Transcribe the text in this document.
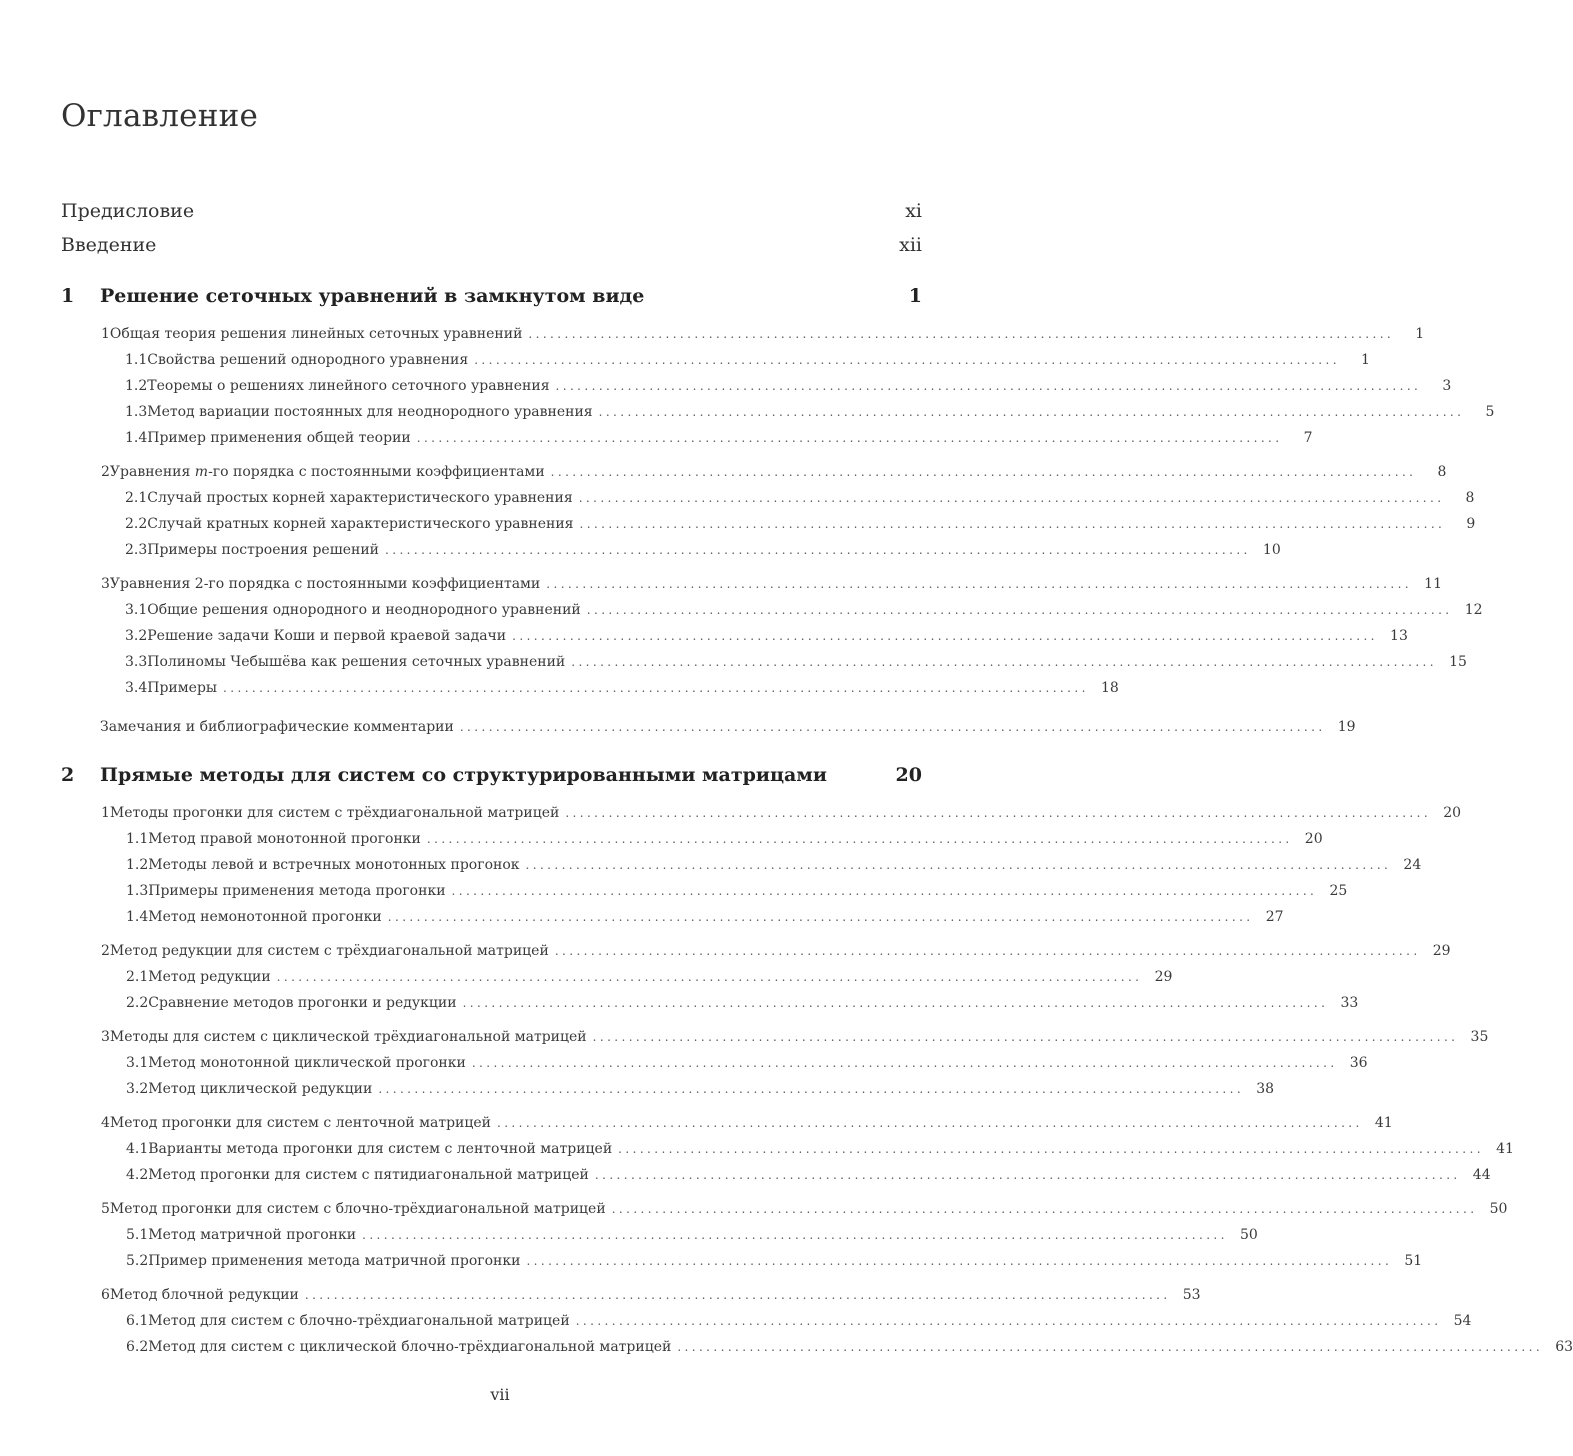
Оглавление
Предисловие	xi
Введение	xii
1	Решение сеточных уравнений в замкнутом виде	1
1 Общая теория решения линейных сеточных уравнений ........................................................................................................................	1
1.1 Свойства решений однородного уравнения ........................................................................................................................	1
1.2 Теоремы о решениях линейного сеточного уравнения ........................................................................................................................	3
1.3 Метод вариации постоянных для неоднородного уравнения ........................................................................................................................	5
1.4 Пример применения общей теории ........................................................................................................................	7
2 Уравнения m-го порядка с постоянными коэффициентами ........................................................................................................................	8
2.1 Случай простых корней характеристического уравнения ........................................................................................................................	8
2.2 Случай кратных корней характеристического уравнения ........................................................................................................................	9
2.3 Примеры построения решений ........................................................................................................................ 10
3 Уравнения 2-го порядка с постоянными коэффициентами ........................................................................................................................ 11
3.1 Общие решения однородного и неоднородного уравнений ........................................................................................................................ 12
3.2 Решение задачи Коши и первой краевой задачи ........................................................................................................................ 13
3.3 Полиномы Чебышёва как решения сеточных уравнений ........................................................................................................................ 15
3.4 Примеры ........................................................................................................................ 18
Замечания и библиографические комментарии ........................................................................................................................ 19
2	Прямые методы для систем со структурированными матрицами	20
1 Методы прогонки для систем с трёхдиагональной матрицей ........................................................................................................................ 20
1.1 Метод правой монотонной прогонки ........................................................................................................................ 20
1.2 Методы левой и встречных монотонных прогонок ........................................................................................................................ 24
1.3 Примеры применения метода прогонки ........................................................................................................................ 25
1.4 Метод немонотонной прогонки ........................................................................................................................ 27
2 Метод редукции для систем с трёхдиагональной матрицей ........................................................................................................................ 29
2.1 Метод редукции ........................................................................................................................ 29
2.2 Сравнение методов прогонки и редукции ........................................................................................................................ 33
3 Методы для систем с циклической трёхдиагональной матрицей ........................................................................................................................ 35
3.1 Метод монотонной циклической прогонки ........................................................................................................................ 36
3.2 Метод циклической редукции ........................................................................................................................ 38
4 Метод прогонки для систем с ленточной матрицей ........................................................................................................................ 41
4.1 Варианты метода прогонки для систем с ленточной матрицей ........................................................................................................................ 41
4.2 Метод прогонки для систем с пятидиагональной матрицей ........................................................................................................................ 44
5 Метод прогонки для систем с блочно-трёхдиагональной матрицей ........................................................................................................................ 50
5.1 Метод матричной прогонки ........................................................................................................................ 50
5.2 Пример применения метода матричной прогонки ........................................................................................................................ 51
6 Метод блочной редукции ........................................................................................................................ 53
6.1 Метод для систем с блочно-трёхдиагональной матрицей ........................................................................................................................ 54
6.2 Метод для систем с циклической блочно-трёхдиагональной матрицей ........................................................................................................................ 63
vii
